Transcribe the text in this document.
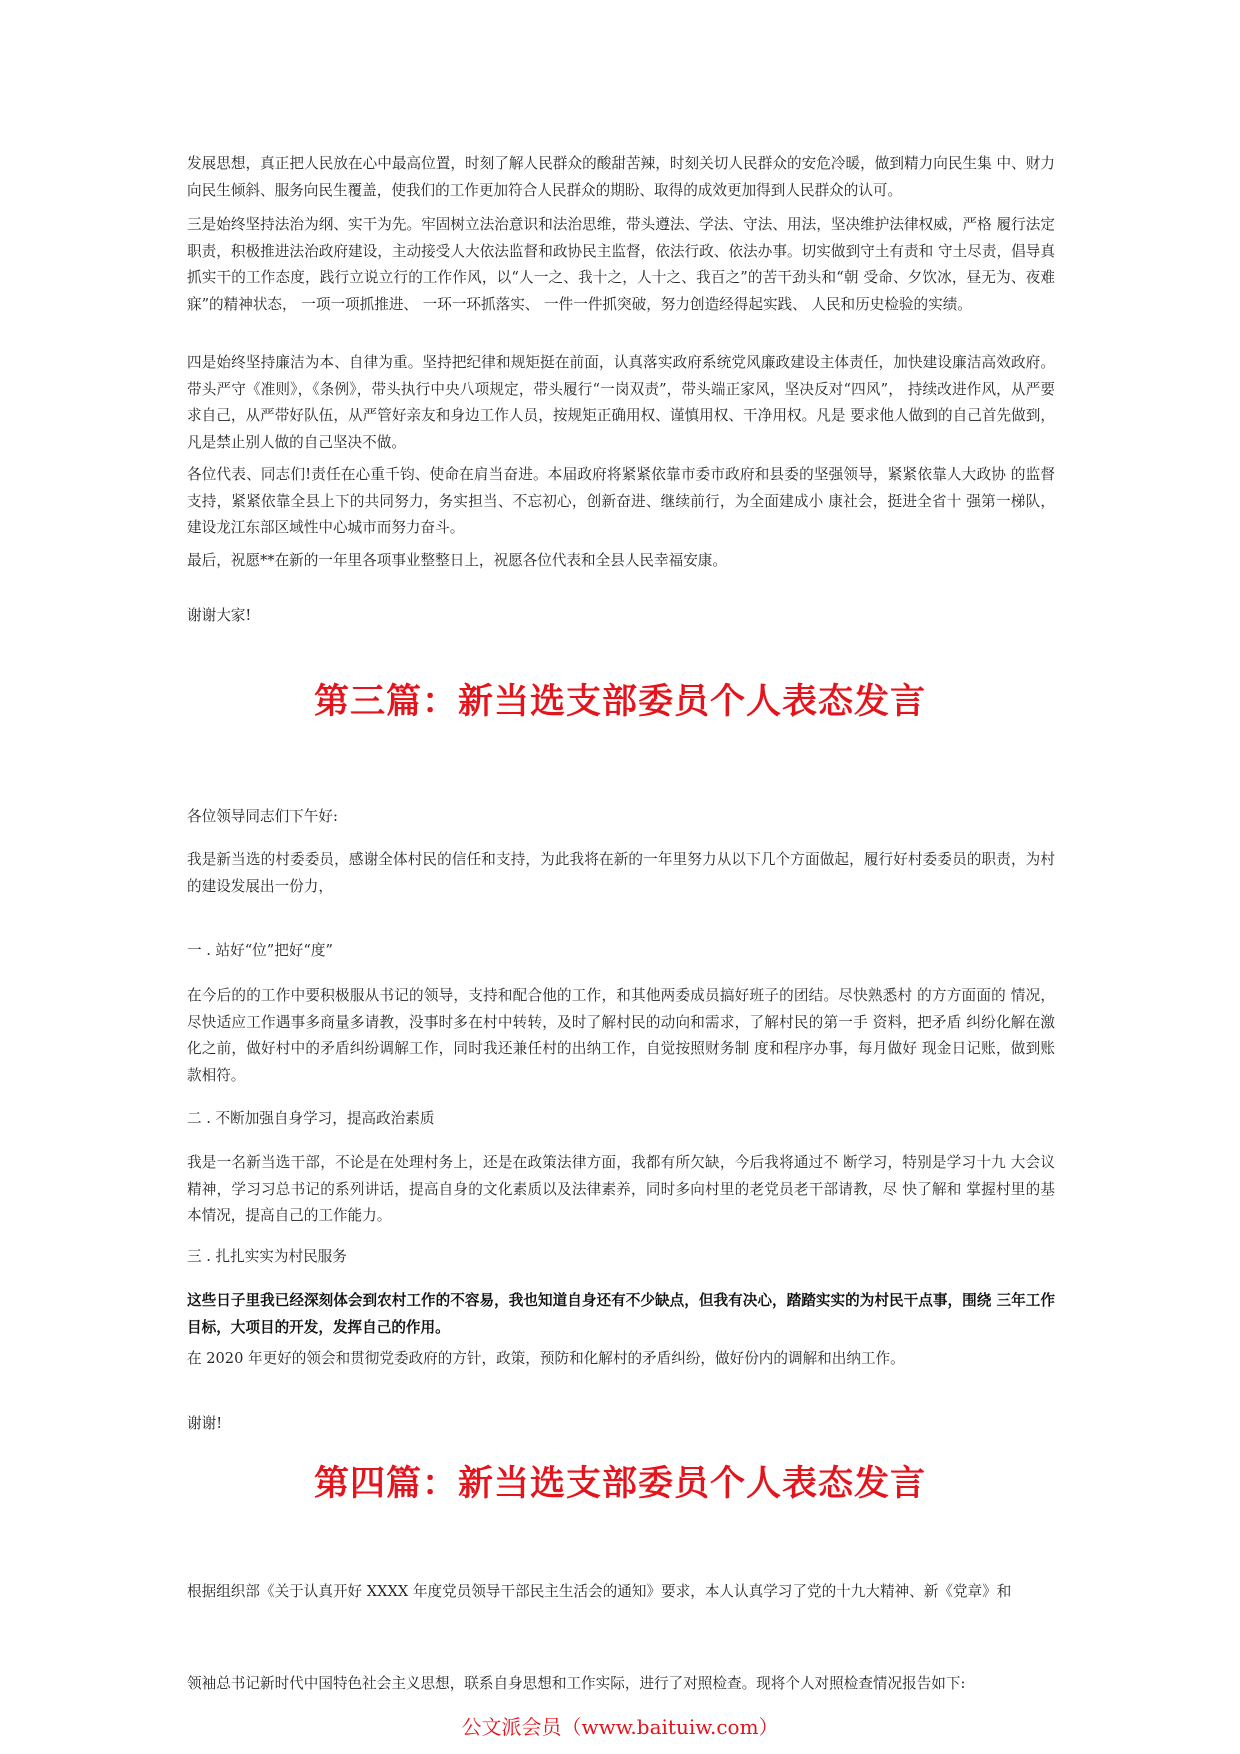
发展思想，真正把人民放在心中最高位置，时刻了解人民群众的酸甜苦辣，时刻关切人民群众的安危冷暖，做到精力向民生集 中、财力向民生倾斜、服务向民生覆盖，使我们的工作更加符合人民群众的期盼、取得的成效更加得到人民群众的认可。

三是始终坚持法治为纲、实干为先。牢固树立法治意识和法治思维，带头遵法、学法、守法、用法，坚决维护法律权威，严格 履行法定职责，积极推进法治政府建设，主动接受人大依法监督和政协民主监督，依法行政、依法办事。切实做到守土有责和 守土尽责，倡导真抓实干的工作态度，践行立说立行的工作作风，以“人一之、我十之，人十之、我百之”的苦干劲头和“朝 受命、夕饮冰，昼无为、夜难寐”的精神状态， 一项一项抓推进、 一环一环抓落实、 一件一件抓突破，努力创造经得起实践、 人民和历史检验的实绩。

四是始终坚持廉洁为本、自律为重。坚持把纪律和规矩挺在前面，认真落实政府系统党风廉政建设主体责任，加快建设廉洁高效政府。带头严守《准则》，《条例》，带头执行中央八项规定，带头履行“一岗双责”，带头端正家风，坚决反对“四风”， 持续改进作风，从严要求自己，从严带好队伍，从严管好亲友和身边工作人员，按规矩正确用权、谨慎用权、干净用权。凡是 要求他人做到的自己首先做到，凡是禁止别人做的自己坚决不做。

各位代表、同志们!责任在心重千钧、使命在肩当奋进。本届政府将紧紧依靠市委市政府和县委的坚强领导，紧紧依靠人大政协 的监督支持，紧紧依靠全县上下的共同努力，务实担当、不忘初心，创新奋进、继续前行，为全面建成小 康社会，挺进全省十 强第一梯队，建设龙江东部区域性中心城市而努力奋斗。

最后，祝愿**在新的一年里各项事业整整日上，祝愿各位代表和全县人民幸福安康。

谢谢大家!

第三篇：新当选支部委员个人表态发言

各位领导同志们下午好:

我是新当选的村委委员，感谢全体村民的信任和支持，为此我将在新的一年里努力从以下几个方面做起，履行好村委委员的职责，为村的建设发展出一份力，

一 . 站好“位”把好“度”

在今后的的工作中要积极服从书记的领导，支持和配合他的工作，和其他两委成员搞好班子的团结。尽快熟悉村 的方方面面的 情况，尽快适应工作遇事多商量多请教，没事时多在村中转转，及时了解村民的动向和需求，了解村民的第一手 资料，把矛盾 纠纷化解在激化之前，做好村中的矛盾纠纷调解工作，同时我还兼任村的出纳工作，自觉按照财务制 度和程序办事，每月做好 现金日记账，做到账款相符。

二 . 不断加强自身学习，提高政治素质

我是一名新当选干部，不论是在处理村务上，还是在政策法律方面，我都有所欠缺，今后我将通过不 断学习，特别是学习十九 大会议精神，学习习总书记的系列讲话，提高自身的文化素质以及法律素养，同时多向村里的老党员老干部请教，尽 快了解和 掌握村里的基本情况，提高自己的工作能力。

三 . 扎扎实实为村民服务

这些日子里我已经深刻体会到农村工作的不容易，我也知道自身还有不少缺点，但我有决心，踏踏实实的为村民干点事，围绕 三年工作目标，大项目的开发，发挥自己的作用。

在 2020 年更好的领会和贯彻党委政府的方针，政策，预防和化解村的矛盾纠纷，做好份内的调解和出纳工作。

谢谢!

第四篇：新当选支部委员个人表态发言

根据组织部《关于认真开好 XXXX 年度党员领导干部民主生活会的通知》要求，本人认真学习了党的十九大精神、新《党章》和

领袖总书记新时代中国特色社会主义思想，联系自身思想和工作实际，进行了对照检查。现将个人对照检查情况报告如下:

公文派会员（www.baituiw.com）
